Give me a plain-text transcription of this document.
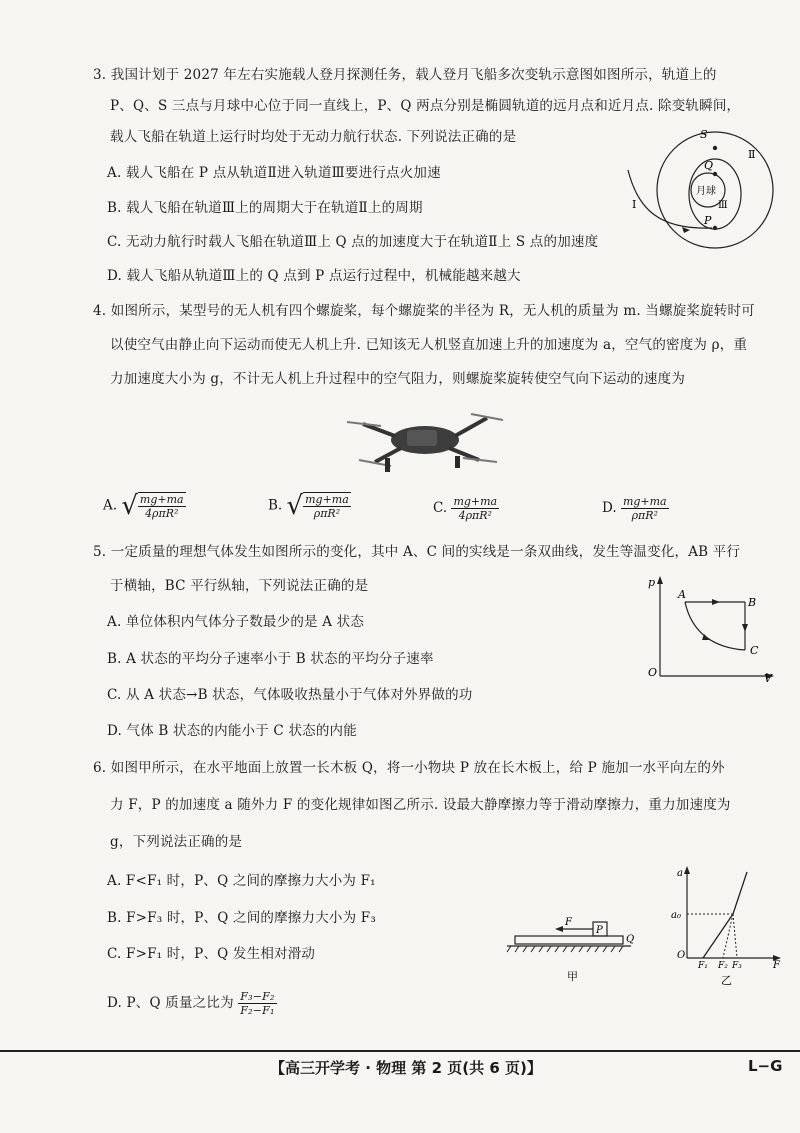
3. 我国计划于 2027 年左右实施载人登月探测任务，载人登月飞船多次变轨示意图如图所示，轨道上的
P、Q、S 三点与月球中心位于同一直线上，P、Q 两点分别是椭圆轨道的远月点和近月点. 除变轨瞬间，
载人飞船在轨道上运行时均处于无动力航行状态. 下列说法正确的是
A. 载人飞船在 P 点从轨道Ⅱ进入轨道Ⅲ要进行点火加速
B. 载人飞船在轨道Ⅲ上的周期大于在轨道Ⅱ上的周期
C. 无动力航行时载人飞船在轨道Ⅲ上 Q 点的加速度大于在轨道Ⅱ上 S 点的加速度
D. 载人飞船从轨道Ⅲ上的 Q 点到 P 点运行过程中，机械能越来越大
S
Q
P
月球
Ⅲ
Ⅱ
Ⅰ
4. 如图所示，某型号的无人机有四个螺旋桨，每个螺旋桨的半径为 R，无人机的质量为 m. 当螺旋桨旋转时可
以使空气由静止向下运动而使无人机上升. 已知该无人机竖直加速上升的加速度为 a，空气的密度为 ρ，重
力加速度大小为 g，不计无人机上升过程中的空气阻力，则螺旋桨旋转使空气向下运动的速度为
A. √ $\frac{mg+ma}{\text{4ρπR²}}$	B. √ $\frac{mg+ma}{\text{ρπR²}}$	C. $\frac{mg+ma}{\text{4ρπR²}}$	D. $\frac{mg+ma}{\text{ρπR²}}$
5. 一定质量的理想气体发生如图所示的变化，其中 A、C 间的实线是一条双曲线，发生等温变化，AB 平行
于横轴，BC 平行纵轴，下列说法正确的是
A. 单位体积内气体分子数最少的是 A 状态
B. A 状态的平均分子速率小于 B 状态的平均分子速率
C. 从 A 状态→B 状态，气体吸收热量小于气体对外界做的功
D. 气体 B 状态的内能小于 C 状态的内能
p
V
O
A
B
C
6. 如图甲所示，在水平地面上放置一长木板 Q，将一小物块 P 放在长木板上，给 P 施加一水平向左的外
力 F，P 的加速度 a 随外力 F 的变化规律如图乙所示. 设最大静摩擦力等于滑动摩擦力，重力加速度为
g，下列说法正确的是
A. F<F₁ 时，P、Q 之间的摩擦力大小为 F₁
B. F>F₃ 时，P、Q 之间的摩擦力大小为 F₃
C. F>F₁ 时，P、Q 发生相对滑动
D. P、Q 质量之比为 $\frac{\text{F₃−F₂}}{\text{F₂−F₁}}$
F
P
Q
甲
a
a₀
O
F₁ F₂ F₃	F
乙
【高三开学考 · 物理 第 2 页(共 6 页)】	L−G
